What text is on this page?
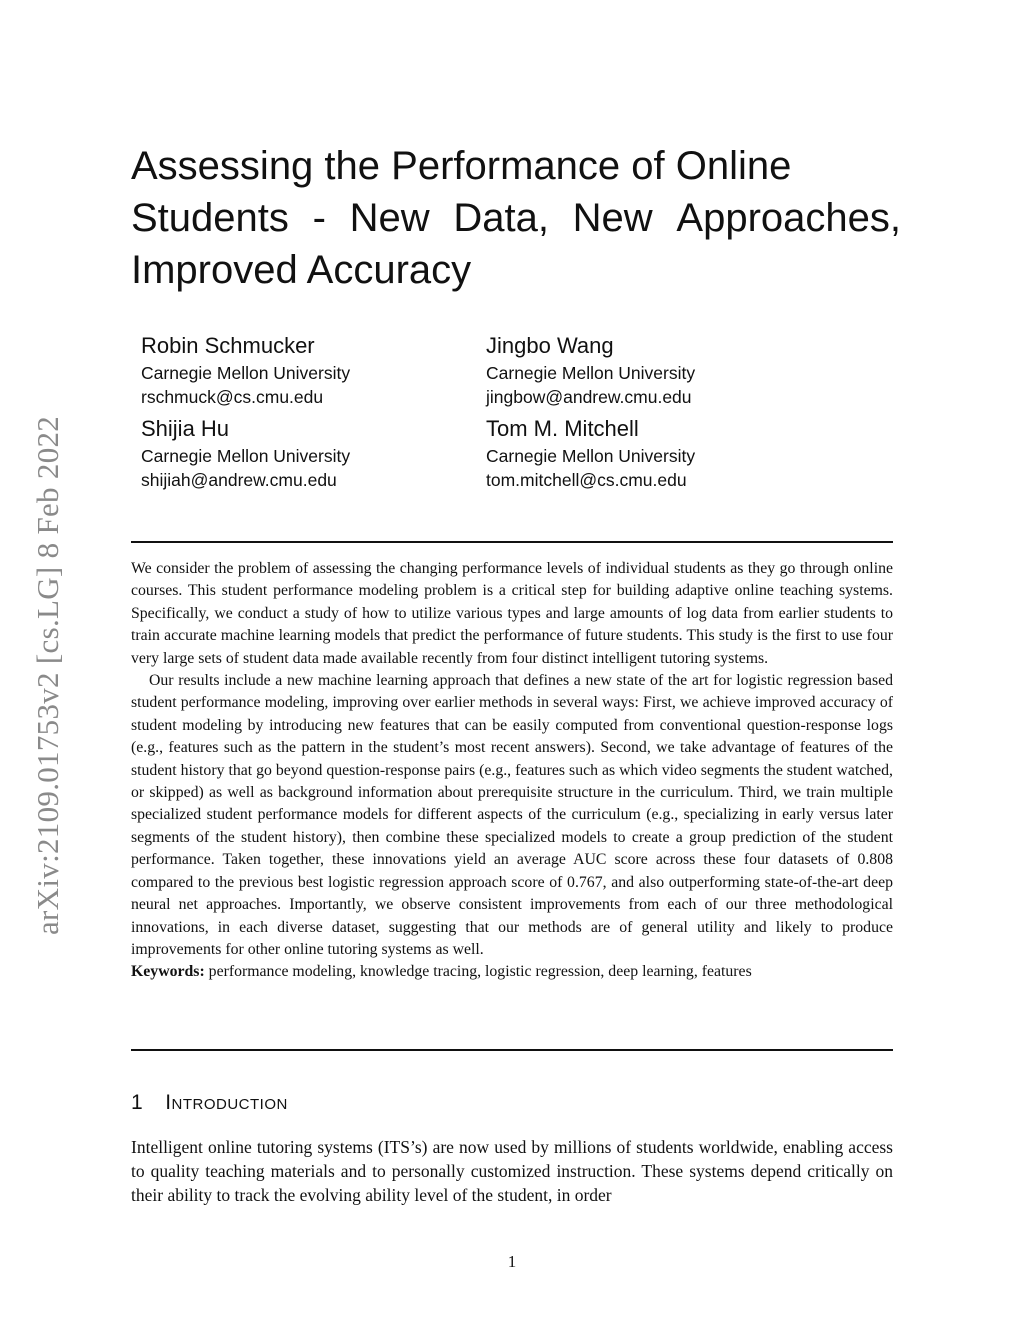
arXiv:2109.01753v2 [cs.LG] 8 Feb 2022
Assessing the Performance of Online
Students - New Data, New Approaches,
Improved Accuracy
Robin Schmucker
Carnegie Mellon University
rschmuck@cs.cmu.edu
Jingbo Wang
Carnegie Mellon University
jingbow@andrew.cmu.edu
Shijia Hu
Carnegie Mellon University
shijiah@andrew.cmu.edu
Tom M. Mitchell
Carnegie Mellon University
tom.mitchell@cs.cmu.edu

We consider the problem of assessing the changing performance levels of individual students as they go through online courses. This student performance modeling problem is a critical step for building adaptive online teaching systems. Specifically, we conduct a study of how to utilize various types and large amounts of log data from earlier students to train accurate machine learning models that predict the performance of future students. This study is the first to use four very large sets of student data made available recently from four distinct intelligent tutoring systems.

Our results include a new machine learning approach that defines a new state of the art for logistic regression based student performance modeling, improving over earlier methods in several ways: First, we achieve improved accuracy of student modeling by introducing new features that can be easily computed from conventional question-response logs (e.g., features such as the pattern in the student’s most recent answers). Second, we take advantage of features of the student history that go beyond question-response pairs (e.g., features such as which video segments the student watched, or skipped) as well as background information about prerequisite structure in the curriculum. Third, we train multiple specialized student performance models for different aspects of the curriculum (e.g., specializing in early versus later segments of the student history), then combine these specialized models to create a group prediction of the student performance. Taken together, these innovations yield an average AUC score across these four datasets of 0.808 compared to the previous best logistic regression approach score of 0.767, and also outperforming state-of-the-art deep neural net approaches. Importantly, we observe consistent improvements from each of our three methodological innovations, in each diverse dataset, suggesting that our methods are of general utility and likely to produce improvements for other online tutoring systems as well.

Keywords: performance modeling, knowledge tracing, logistic regression, deep learning, features

1 Introduction

Intelligent online tutoring systems (ITS’s) are now used by millions of students worldwide, enabling access to quality teaching materials and to personally customized instruction. These systems depend critically on their ability to track the evolving ability level of the student, in order

1
